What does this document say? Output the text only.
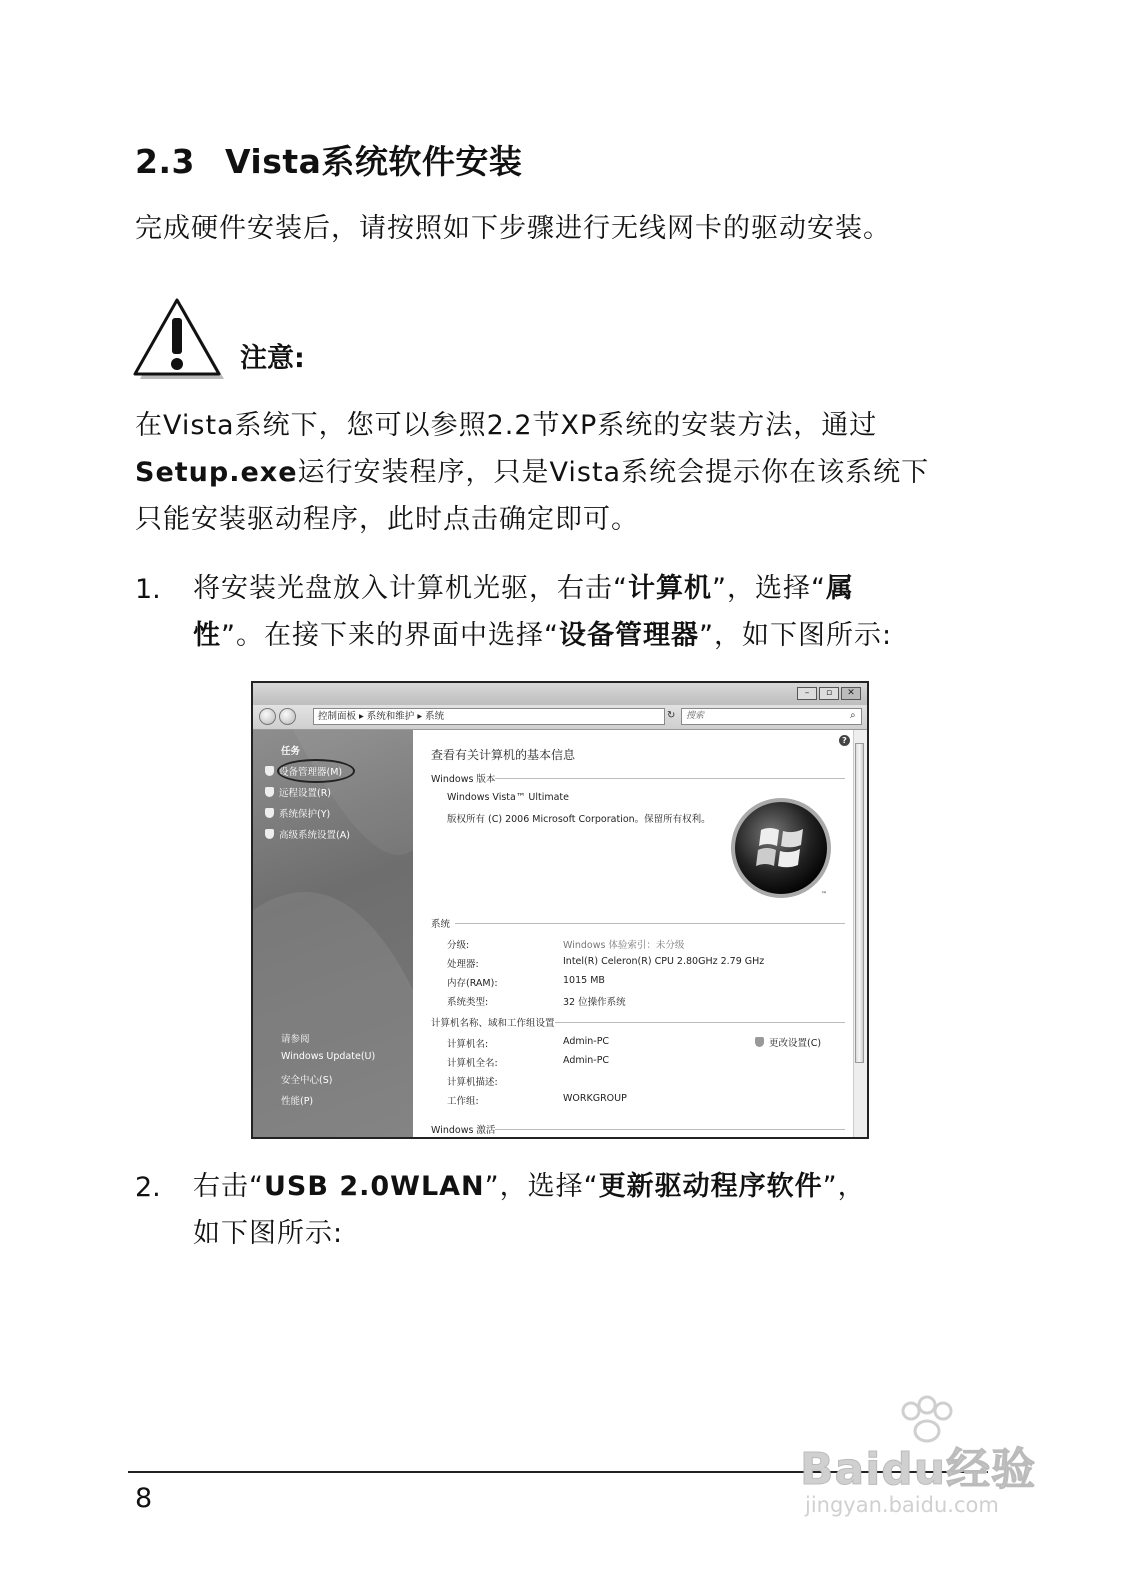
2.3 Vista系统软件安装
完成硬件安装后，请按照如下步骤进行无线网卡的驱动安装。
注意:
在Vista系统下，您可以参照2.2节XP系统的安装方法，通过
Setup.exe运行安装程序，只是Vista系统会提示你在该系统下
只能安装驱动程序，此时点击确定即可。
1. 将安装光盘放入计算机光驱，右击“计算机”，选择“属
性”。在接下来的界面中选择“设备管理器”，如下图所示:
–	▫	✕
控制面板 ▸ 系统和维护 ▸ 系统	↻	搜索	⌕
任务
设备管理器(M)
远程设置(R)
系统保护(Y)
高级系统设置(A)
请参阅
Windows Update(U)
安全中心(S)
性能(P)
查看有关计算机的基本信息
Windows 版本
Windows Vista™ Ultimate
版权所有 (C) 2006 Microsoft Corporation。保留所有权利。
™
系统
分级:	Windows 体验索引：未分级
处理器:	Intel(R) Celeron(R) CPU 2.80GHz 2.79 GHz
内存(RAM):	1015 MB
系统类型:	32 位操作系统
计算机名称、域和工作组设置
更改设置(C)
计算机名:	Admin-PC
计算机全名:	Admin-PC
计算机描述:
工作组:	WORKGROUP
Windows 激活
?
2. 右击“USB 2.0WLAN”，选择“更新驱动程序软件”，
如下图所示:
8
Baidu经验
jingyan.baidu.com
